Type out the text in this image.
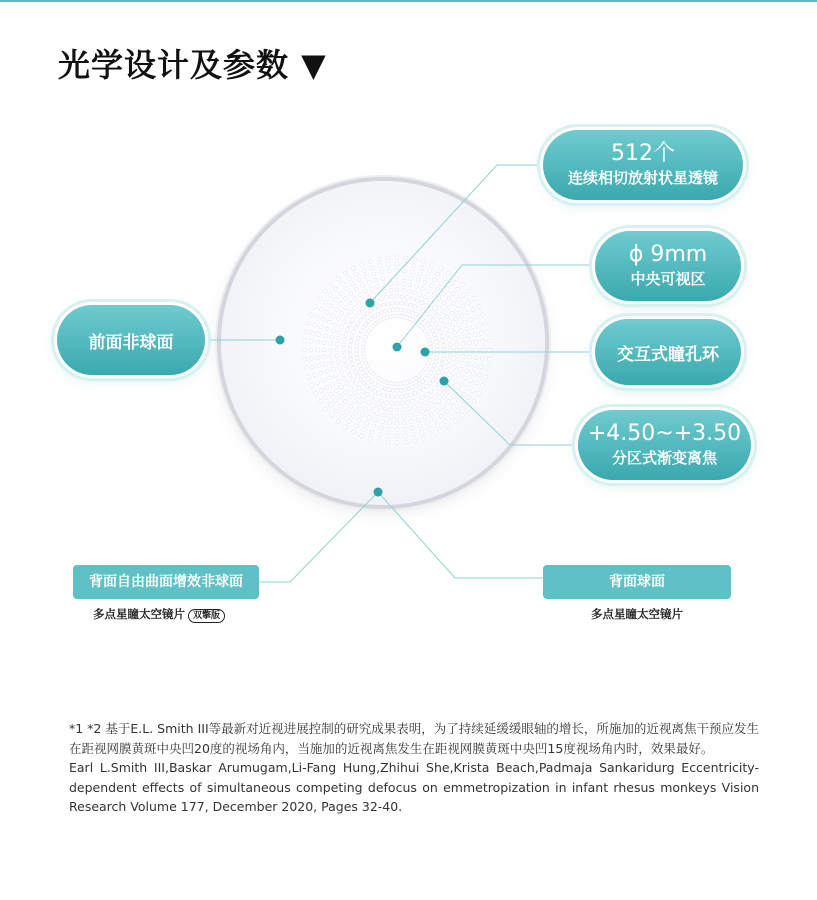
光学设计及参数 ▼
前面非球面
512个
连续相切放射状星透镜
ϕ 9mm
中央可视区
交互式瞳孔环
+4.50~+3.50
分区式渐变离焦
背面自由曲面增效非球面
多点星瞳太空镜片 双擎版
背面球面
多点星瞳太空镜片

*1 *2 基于E.L. Smith III等最新对近视进展控制的研究成果表明，为了持续延缓缓眼轴的增长，所施加的近视离焦干预应发生在距视网膜黄斑中央凹20度的视场角内，当施加的近视离焦发生在距视网膜黄斑中央凹15度视场角内时，效果最好。

Earl L.Smith III,Baskar Arumugam,Li-Fang Hung,Zhihui She,Krista Beach,Padmaja Sankaridurg Eccentricity-dependent effects of simultaneous competing defocus on emmetropization in infant rhesus monkeys Vision Research Volume 177, December 2020, Pages 32-40.
